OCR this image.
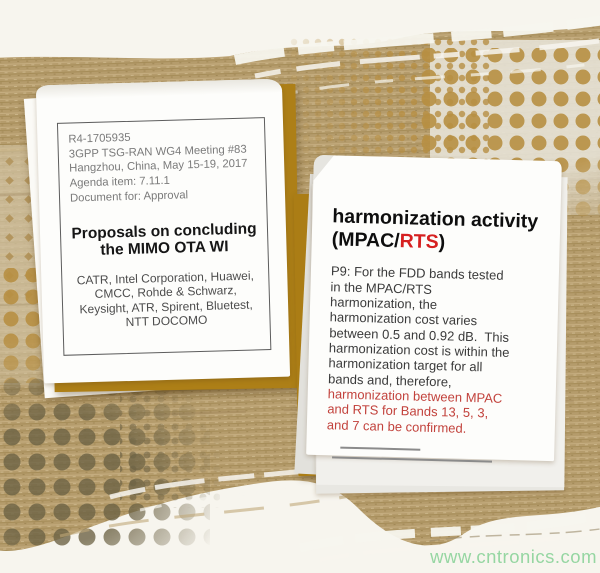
R4-1705935
3GPP TSG-RAN WG4 Meeting #83
Hangzhou, China, May 15-19, 2017
Agenda item: 7.11.1
Document for: Approval
Proposals on concluding
the MIMO OTA WI
CATR, Intel Corporation, Huawei,
CMCC, Rohde & Schwarz,
Keysight, ATR, Spirent, Bluetest,
NTT DOCOMO
harmonization activity
(MPAC/RTS)

P9: For the FDD bands tested
in the MPAC/RTS
harmonization, the
harmonization cost varies
between 0.5 and 0.92 dB.  This
harmonization cost is within the
harmonization target for all
bands and, therefore,
harmonization between MPAC
and RTS for Bands 13, 5, 3,
and 7 can be confirmed.

www.cntronics.com
